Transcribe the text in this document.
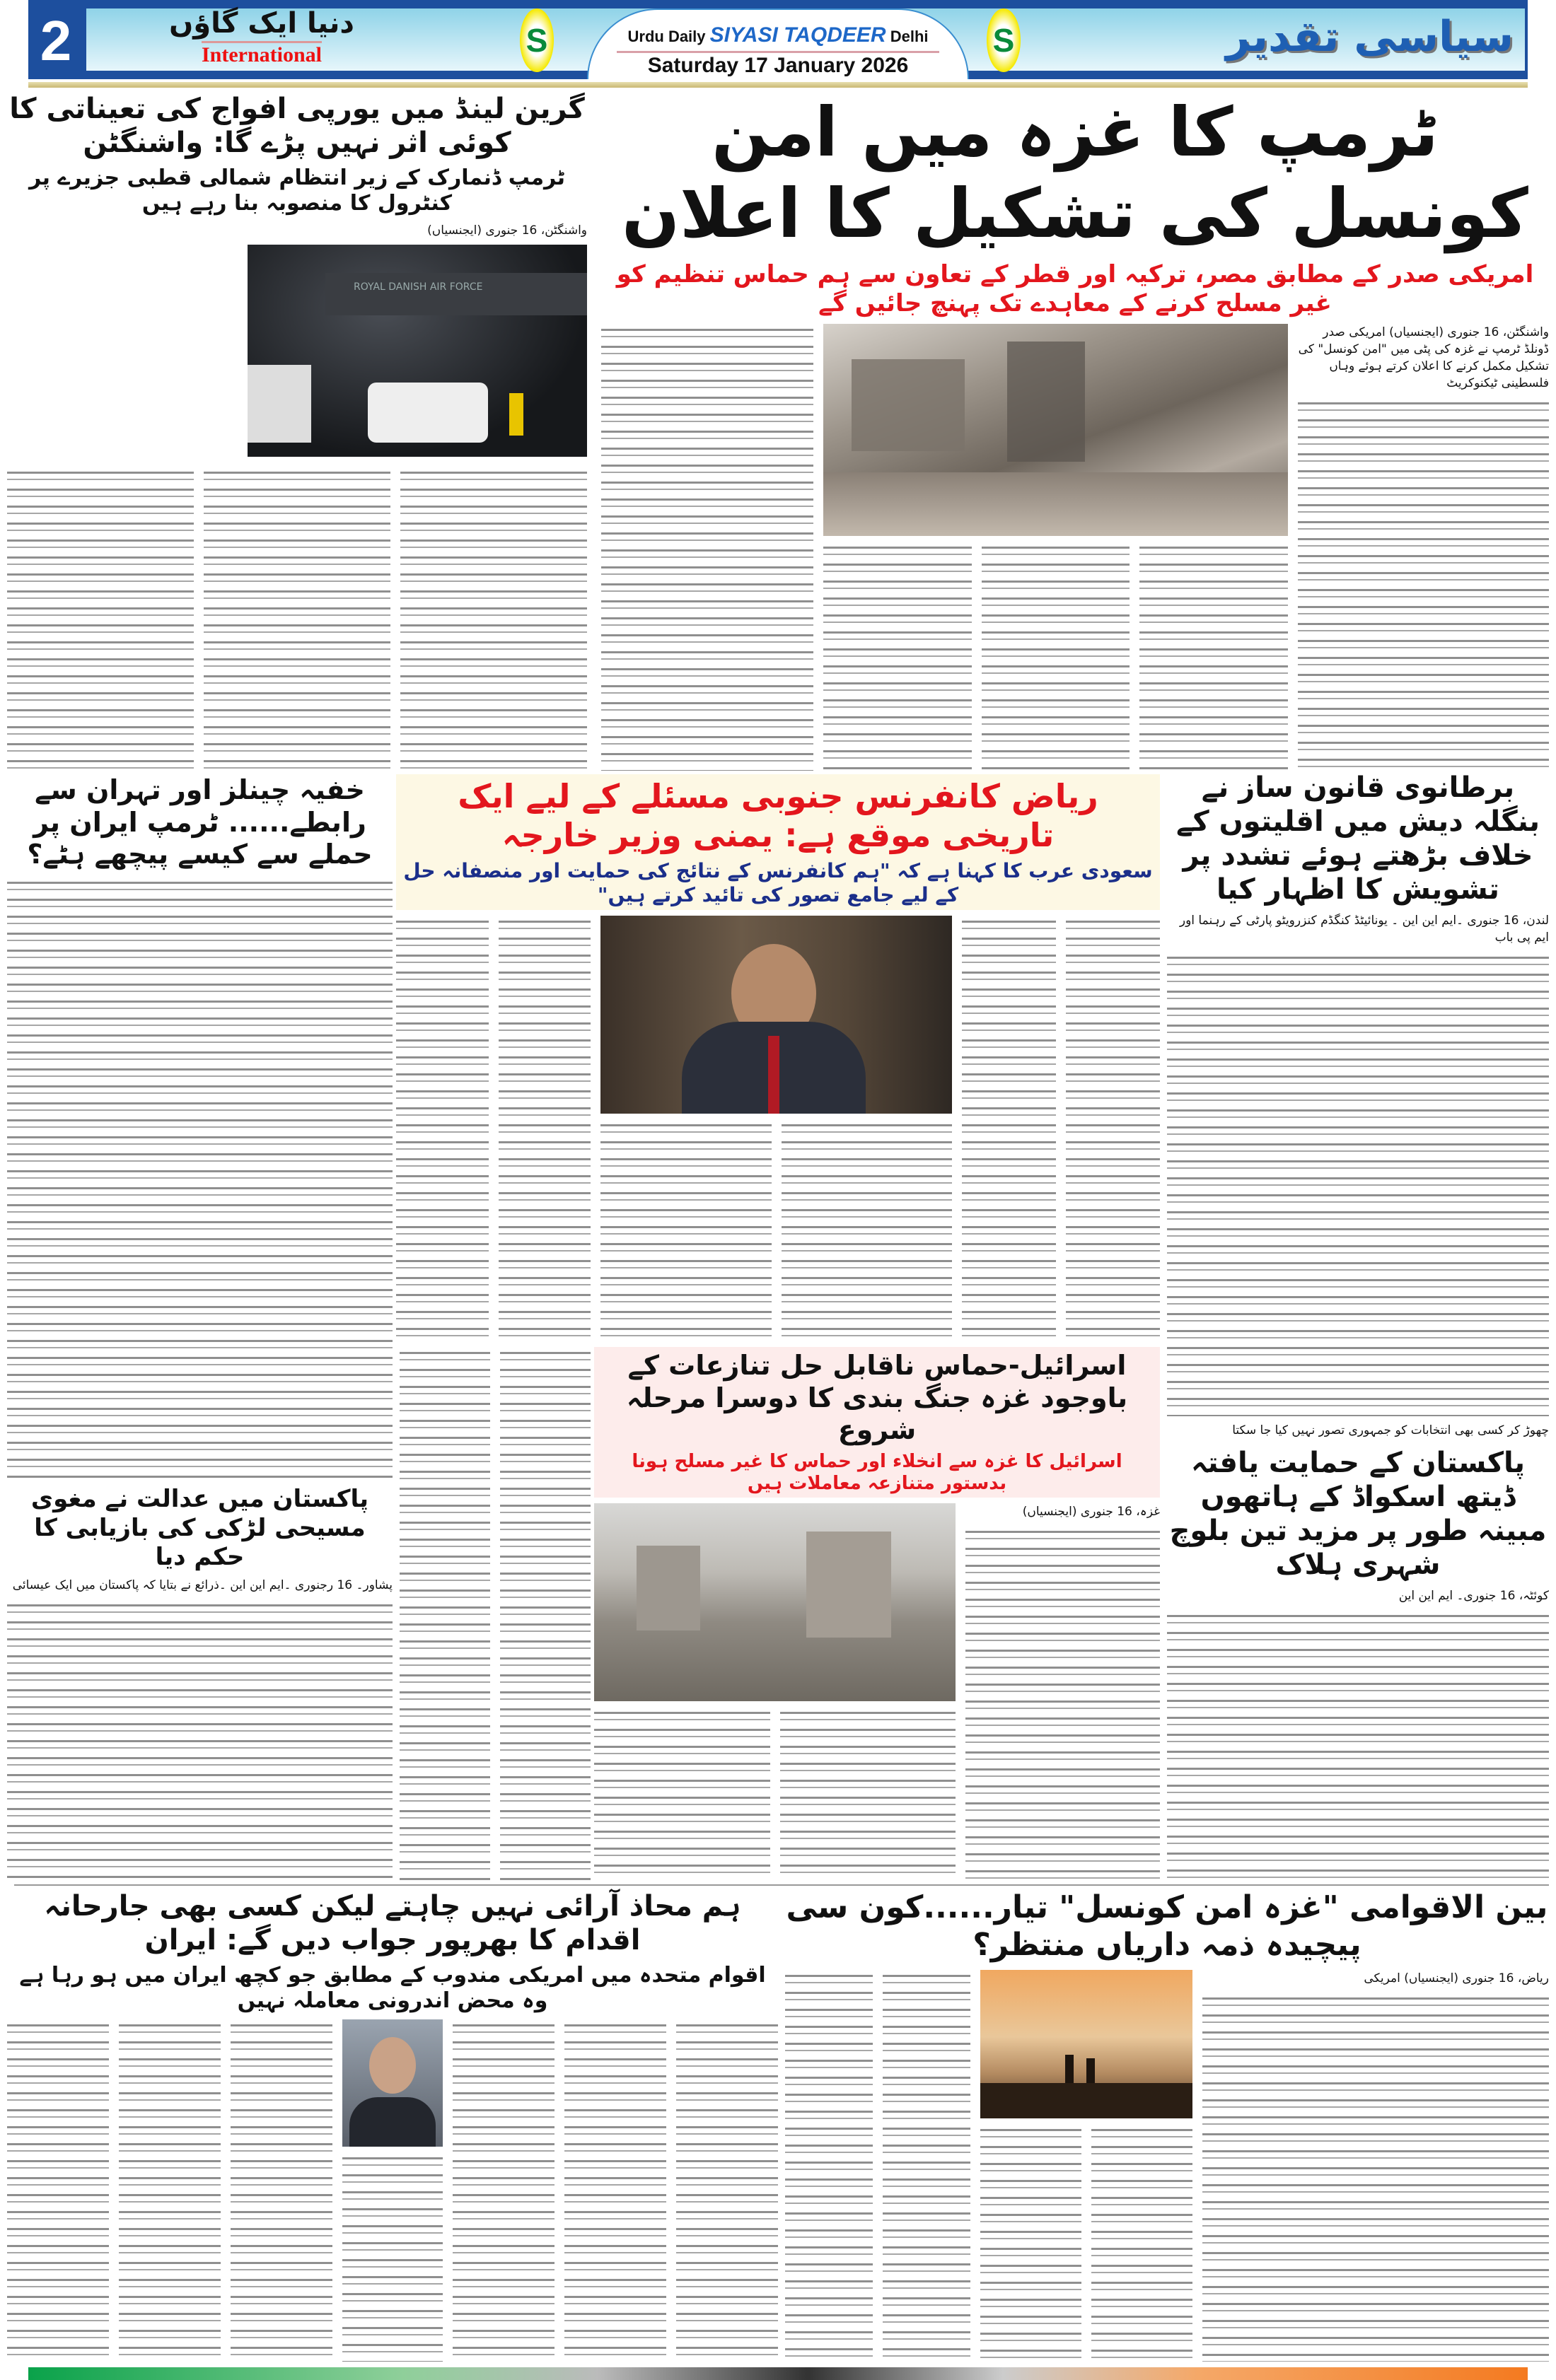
2	دنیا ایک گاؤں
International	S	S
Urdu Daily SIYASI TAQDEER Delhi
Saturday 17 January 2026
سیاسی تقدیر
ٹرمپ کا غزہ میں امن کونسل کی تشکیل کا اعلان
امریکی صدر کے مطابق مصر، ترکیہ اور قطر کے تعاون سے ہم حماس تنظیم کو غیر مسلح کرنے کے معاہدے تک پہنچ جائیں گے
واشنگٹن، 16 جنوری (ایجنسیاں) امریکی صدر ڈونلڈ ٹرمپ نے غزہ کی پٹی میں "امن کونسل" کی تشکیل مکمل کرنے کا اعلان کرتے ہوئے وہاں فلسطینی ٹیکنوکریٹ
گرین لینڈ میں یورپی افواج کی تعیناتی کا کوئی اثر نہیں پڑے گا: واشنگٹن
ٹرمپ ڈنمارک کے زیر انتظام شمالی قطبی جزیرے پر کنٹرول کا منصوبہ بنا رہے ہیں
واشنگٹن، 16 جنوری (ایجنسیاں)
ROYAL DANISH AIR FORCE
خفیہ چینلز اور تہران سے رابطے...... ٹرمپ ایران پر حملے سے کیسے پیچھے ہٹے؟
ریاض کانفرنس جنوبی مسئلے کے لیے ایک تاریخی موقع ہے: یمنی وزیر خارجہ
سعودی عرب کا کہنا ہے کہ "ہم کانفرنس کے نتائج کی حمایت اور منصفانہ حل کے لیے جامع تصور کی تائید کرتے ہیں"
برطانوی قانون ساز نے بنگلہ دیش میں اقلیتوں کے خلاف بڑھتے ہوئے تشدد پر تشویش کا اظہار کیا
لندن، 16 جنوری ۔ایم این این ۔ یونائیٹڈ کنگڈم کنزرویٹو پارٹی کے رہنما اور ایم پی باب
چھوڑ کر کسی بھی انتخابات کو جمہوری تصور نہیں کیا جا سکتا
اسرائیل-حماس ناقابل حل تنازعات کے باوجود غزہ جنگ بندی کا دوسرا مرحلہ شروع
اسرائیل کا غزہ سے انخلاء اور حماس کا غیر مسلح ہونا بدستور متنازعہ معاملات ہیں
غزہ، 16 جنوری (ایجنسیاں)
پاکستان میں عدالت نے مغوی مسیحی لڑکی کی بازیابی کا حکم دیا
پشاور۔ 16 رجنوری ۔ایم این این ۔ذرائع نے بتایا کہ پاکستان میں ایک عیسائی
پاکستان کے حمایت یافتہ ڈیتھ اسکواڈ کے ہاتھوں مبینہ طور پر مزید تین بلوچ شہری ہلاک
کوئٹہ، 16 جنوری۔ ایم این این
ہم محاذ آرائی نہیں چاہتے لیکن کسی بھی جارحانہ اقدام کا بھرپور جواب دیں گے: ایران
اقوام متحدہ میں امریکی مندوب کے مطابق جو کچھ ایران میں ہو رہا ہے وہ محض اندرونی معاملہ نہیں
بین الاقوامی "غزہ امن کونسل" تیار......کون سی پیچیدہ ذمہ داریاں منتظر؟
ریاض، 16 جنوری (ایجنسیاں) امریکی
